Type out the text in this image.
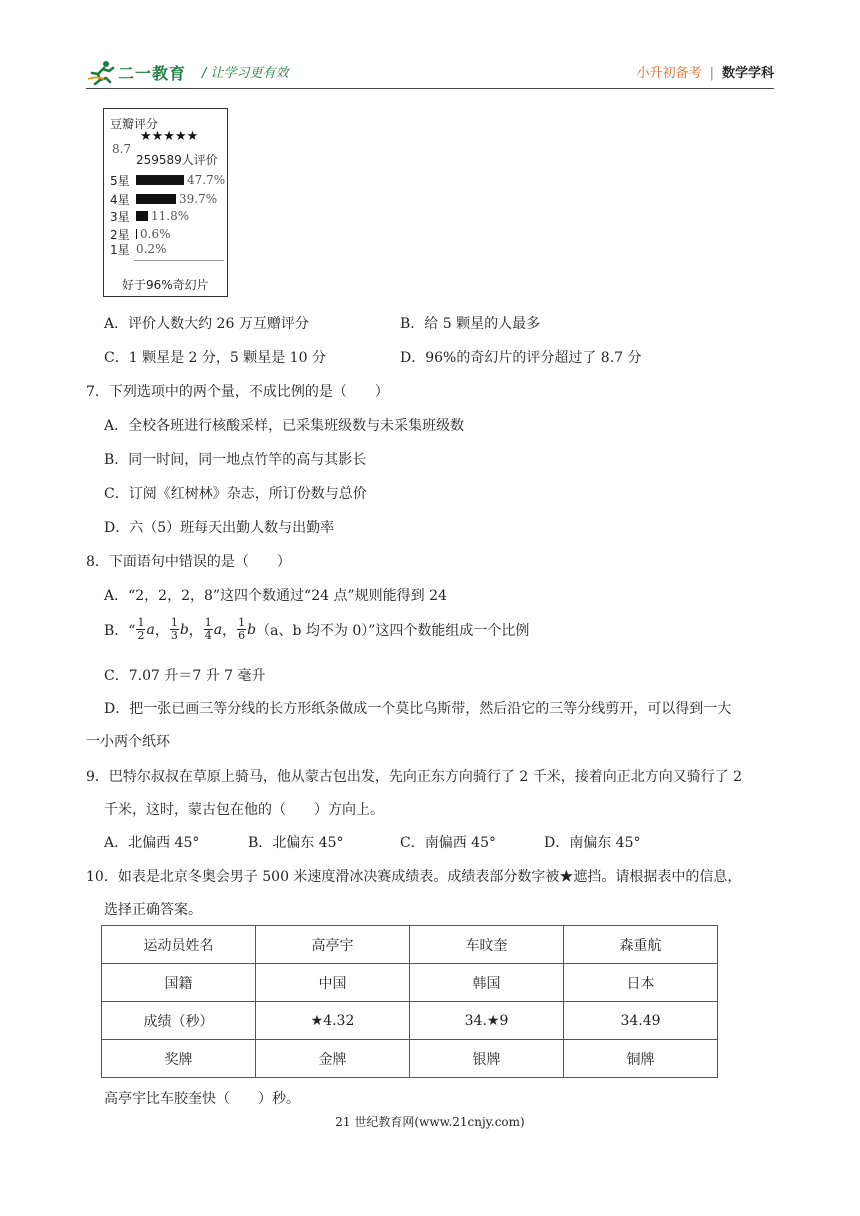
二一教育 / 让学习更有效	小升初备考 | 数学学科
豆瓣评分
★★★★★
8.7
259589人评价
5星	47.7%
4星	39.7%
3星	11.8%
2星 0.6%
1星 0.2%
好于96%奇幻片
A．评价人数大约 26 万互赠评分	B．给 5 颗星的人最多
C．1 颗星是 2 分，5 颗星是 10 分	D．96%的奇幻片的评分超过了 8.7 分
7．下列选项中的两个量，不成比例的是（　　）
A．全校各班进行核酸采样，已采集班级数与未采集班级数
B．同一时间，同一地点竹竿的高与其影长
C．订阅《红树林》杂志，所订份数与总价
D．六（5）班每天出勤人数与出勤率
8．下面语句中错误的是（　　）
A．“2，2，2，8”这四个数通过“24 点”规则能得到 24
B．“ $\frac{1}{2}$ a ， $\frac{1}{3}$ b ， $\frac{1}{4}$ a ， $\frac{1}{6}$ b （a、b 均不为 0）”这四个数能组成一个比例
C．7.07 升＝7 升 7 毫升
D．把一张已画三等分线的长方形纸条做成一个莫比乌斯带，然后沿它的三等分线剪开，可以得到一大
一小两个纸环
9．巴特尔叔叔在草原上骑马，他从蒙古包出发，先向正东方向骑行了 2 千米，接着向正北方向又骑行了 2
千米，这时，蒙古包在他的（　　）方向上。
A．北偏西 45°	B．北偏东 45°	C．南偏西 45°	D．南偏东 45°
10．如表是北京冬奥会男子 500 米速度滑冰决赛成绩表。成绩表部分数字被★遮挡。请根据表中的信息，
选择正确答案。
运动员姓名	高亭宇	车旼奎	森重航
国籍	中国	韩国	日本
成绩（秒）	★4.32	34.★9	34.49
奖牌	金牌	银牌	铜牌
高亭宇比车胶奎快（　　）秒。
21 世纪教育网(www.21cnjy.com)
